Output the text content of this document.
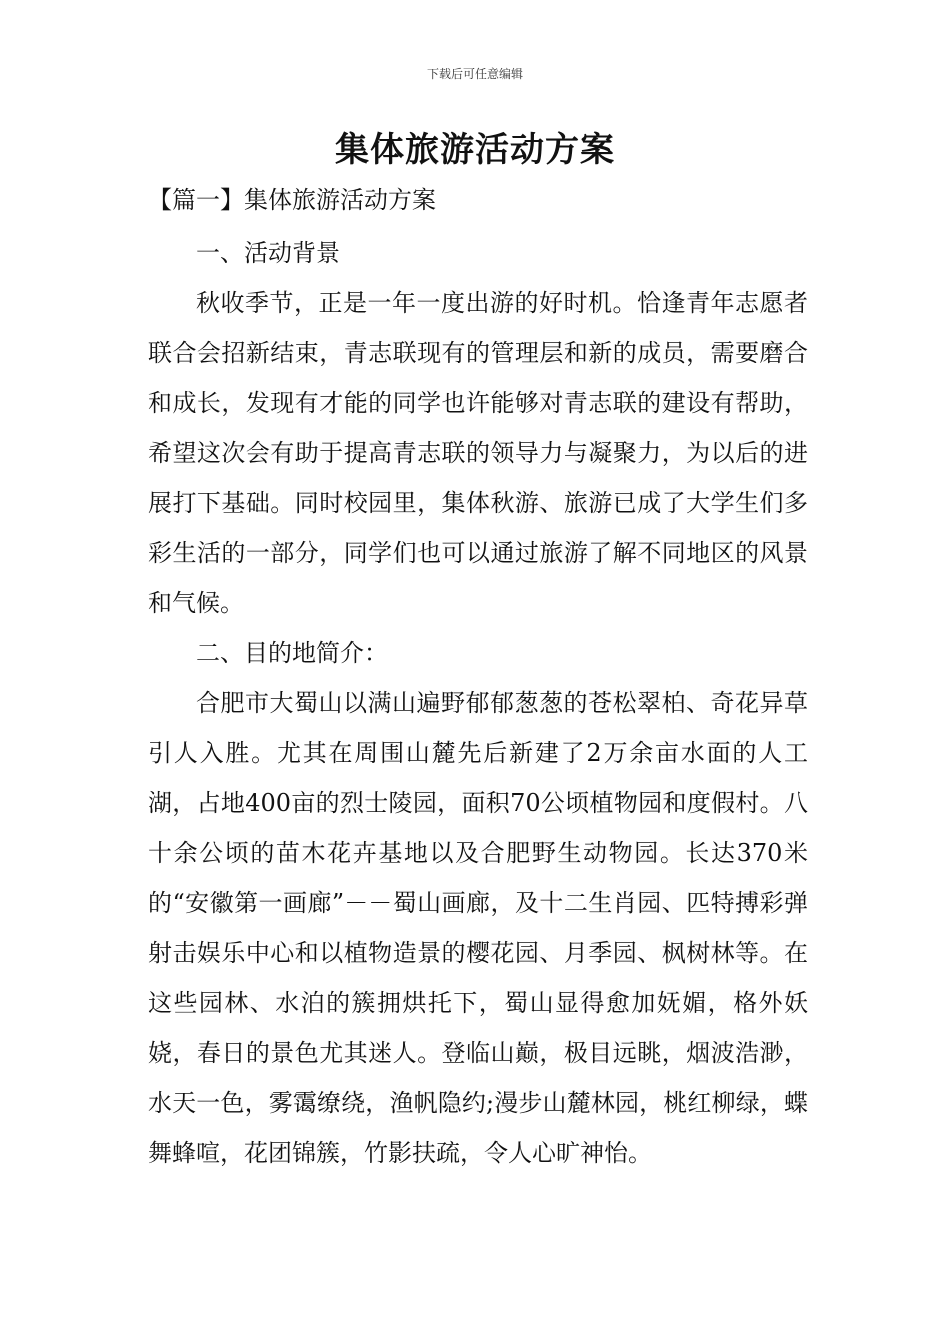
下载后可任意编辑
集体旅游活动方案
【篇一】集体旅游活动方案

一、活动背景

秋收季节，正是一年一度出游的好时机。恰逢青年志愿者联合会招新结束，青志联现有的管理层和新的成员，需要磨合和成长，发现有才能的同学也许能够对青志联的建设有帮助，希望这次会有助于提高青志联的领导力与凝聚力，为以后的进展打下基础。同时校园里，集体秋游、旅游已成了大学生们多彩生活的一部分，同学们也可以通过旅游了解不同地区的风景和气候。

二、目的地简介：

合肥市大蜀山以满山遍野郁郁葱葱的苍松翠柏、奇花异草引人入胜。尤其在周围山麓先后新建了2万余亩水面的人工湖，占地400亩的烈士陵园，面积70公顷植物园和度假村。八十余公顷的苗木花卉基地以及合肥野生动物园。长达370米的“安徽第一画廊”－－蜀山画廊，及十二生肖园、匹特搏彩弹射击娱乐中心和以植物造景的樱花园、月季园、枫树林等。在这些园林、水泊的簇拥烘托下，蜀山显得愈加妩媚，格外妖娆，春日的景色尤其迷人。登临山巅，极目远眺，烟波浩渺，水天一色，雾霭缭绕，渔帆隐约;漫步山麓林园，桃红柳绿，蝶舞蜂喧，花团锦簇，竹影扶疏，令人心旷神怡。
